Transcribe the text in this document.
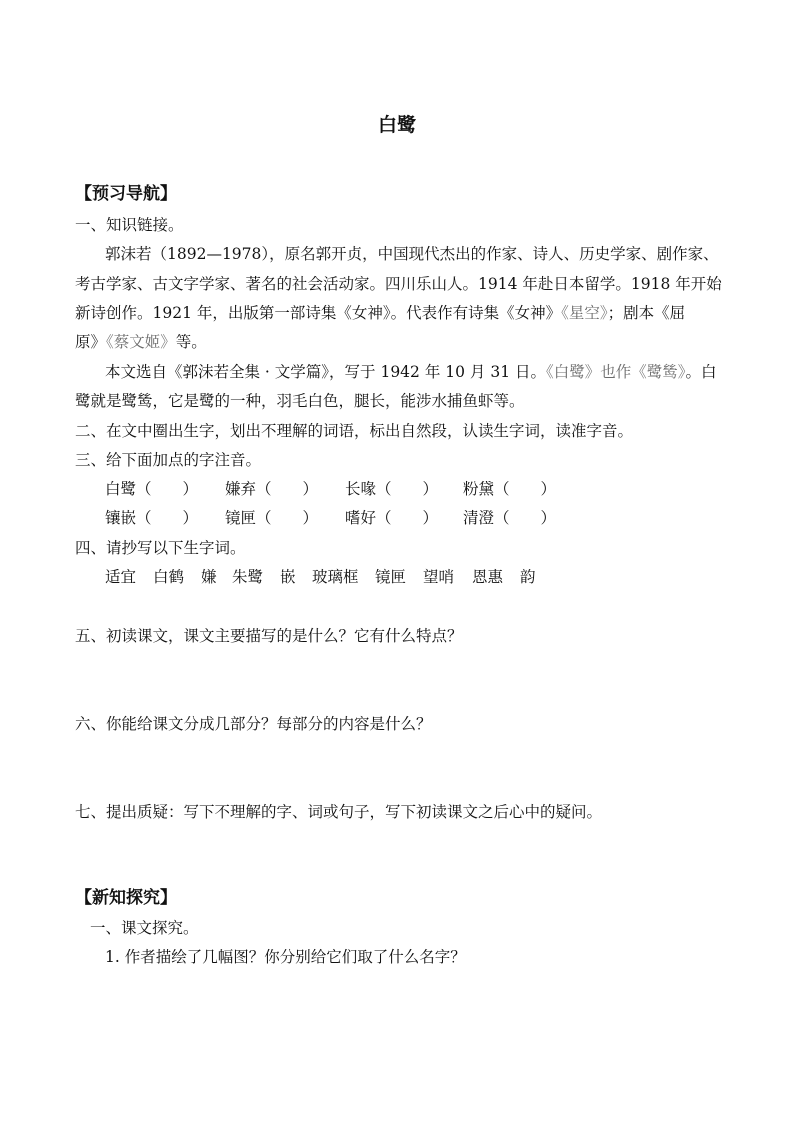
白鹭
【预习导航】
一、知识链接。
郭沫若（1892—1978），原名郭开贞，中国现代杰出的作家、诗人、历史学家、剧作家、
考古学家、古文字学家、著名的社会活动家。四川乐山人。1914 年赴日本留学。1918 年开始
新诗创作。1921 年，出版第一部诗集《女神》。代表作有诗集《女神》《星空》；剧本《屈
原》《蔡文姬》等。
本文选自《郭沫若全集 · 文学篇》，写于 1942 年 10 月 31 日。《白鹭》也作《鹭鸶》。白
鹭就是鹭鸶，它是鹭的一种，羽毛白色，腿长，能涉水捕鱼虾等。
二、在文中圈出生字，划出不理解的词语，标出自然段，认读生字词，读准字音。
三、给下面加点的字注音。
白鹭（　　） 嫌弃（　　） 长喙（　　） 粉黛（　　）
镶嵌（　　） 镜匣（　　） 嗜好（　　） 清澄（　　）
四、请抄写以下生字词。
适宜 白鹤 嫌 朱鹭 嵌 玻璃框 镜匣 望哨 恩惠 韵
五、初读课文，课文主要描写的是什么？它有什么特点？
六、你能给课文分成几部分？每部分的内容是什么？
七、提出质疑：写下不理解的字、词或句子，写下初读课文之后心中的疑问。
【新知探究】
一、课文探究。
1. 作者描绘了几幅图？你分别给它们取了什么名字？
